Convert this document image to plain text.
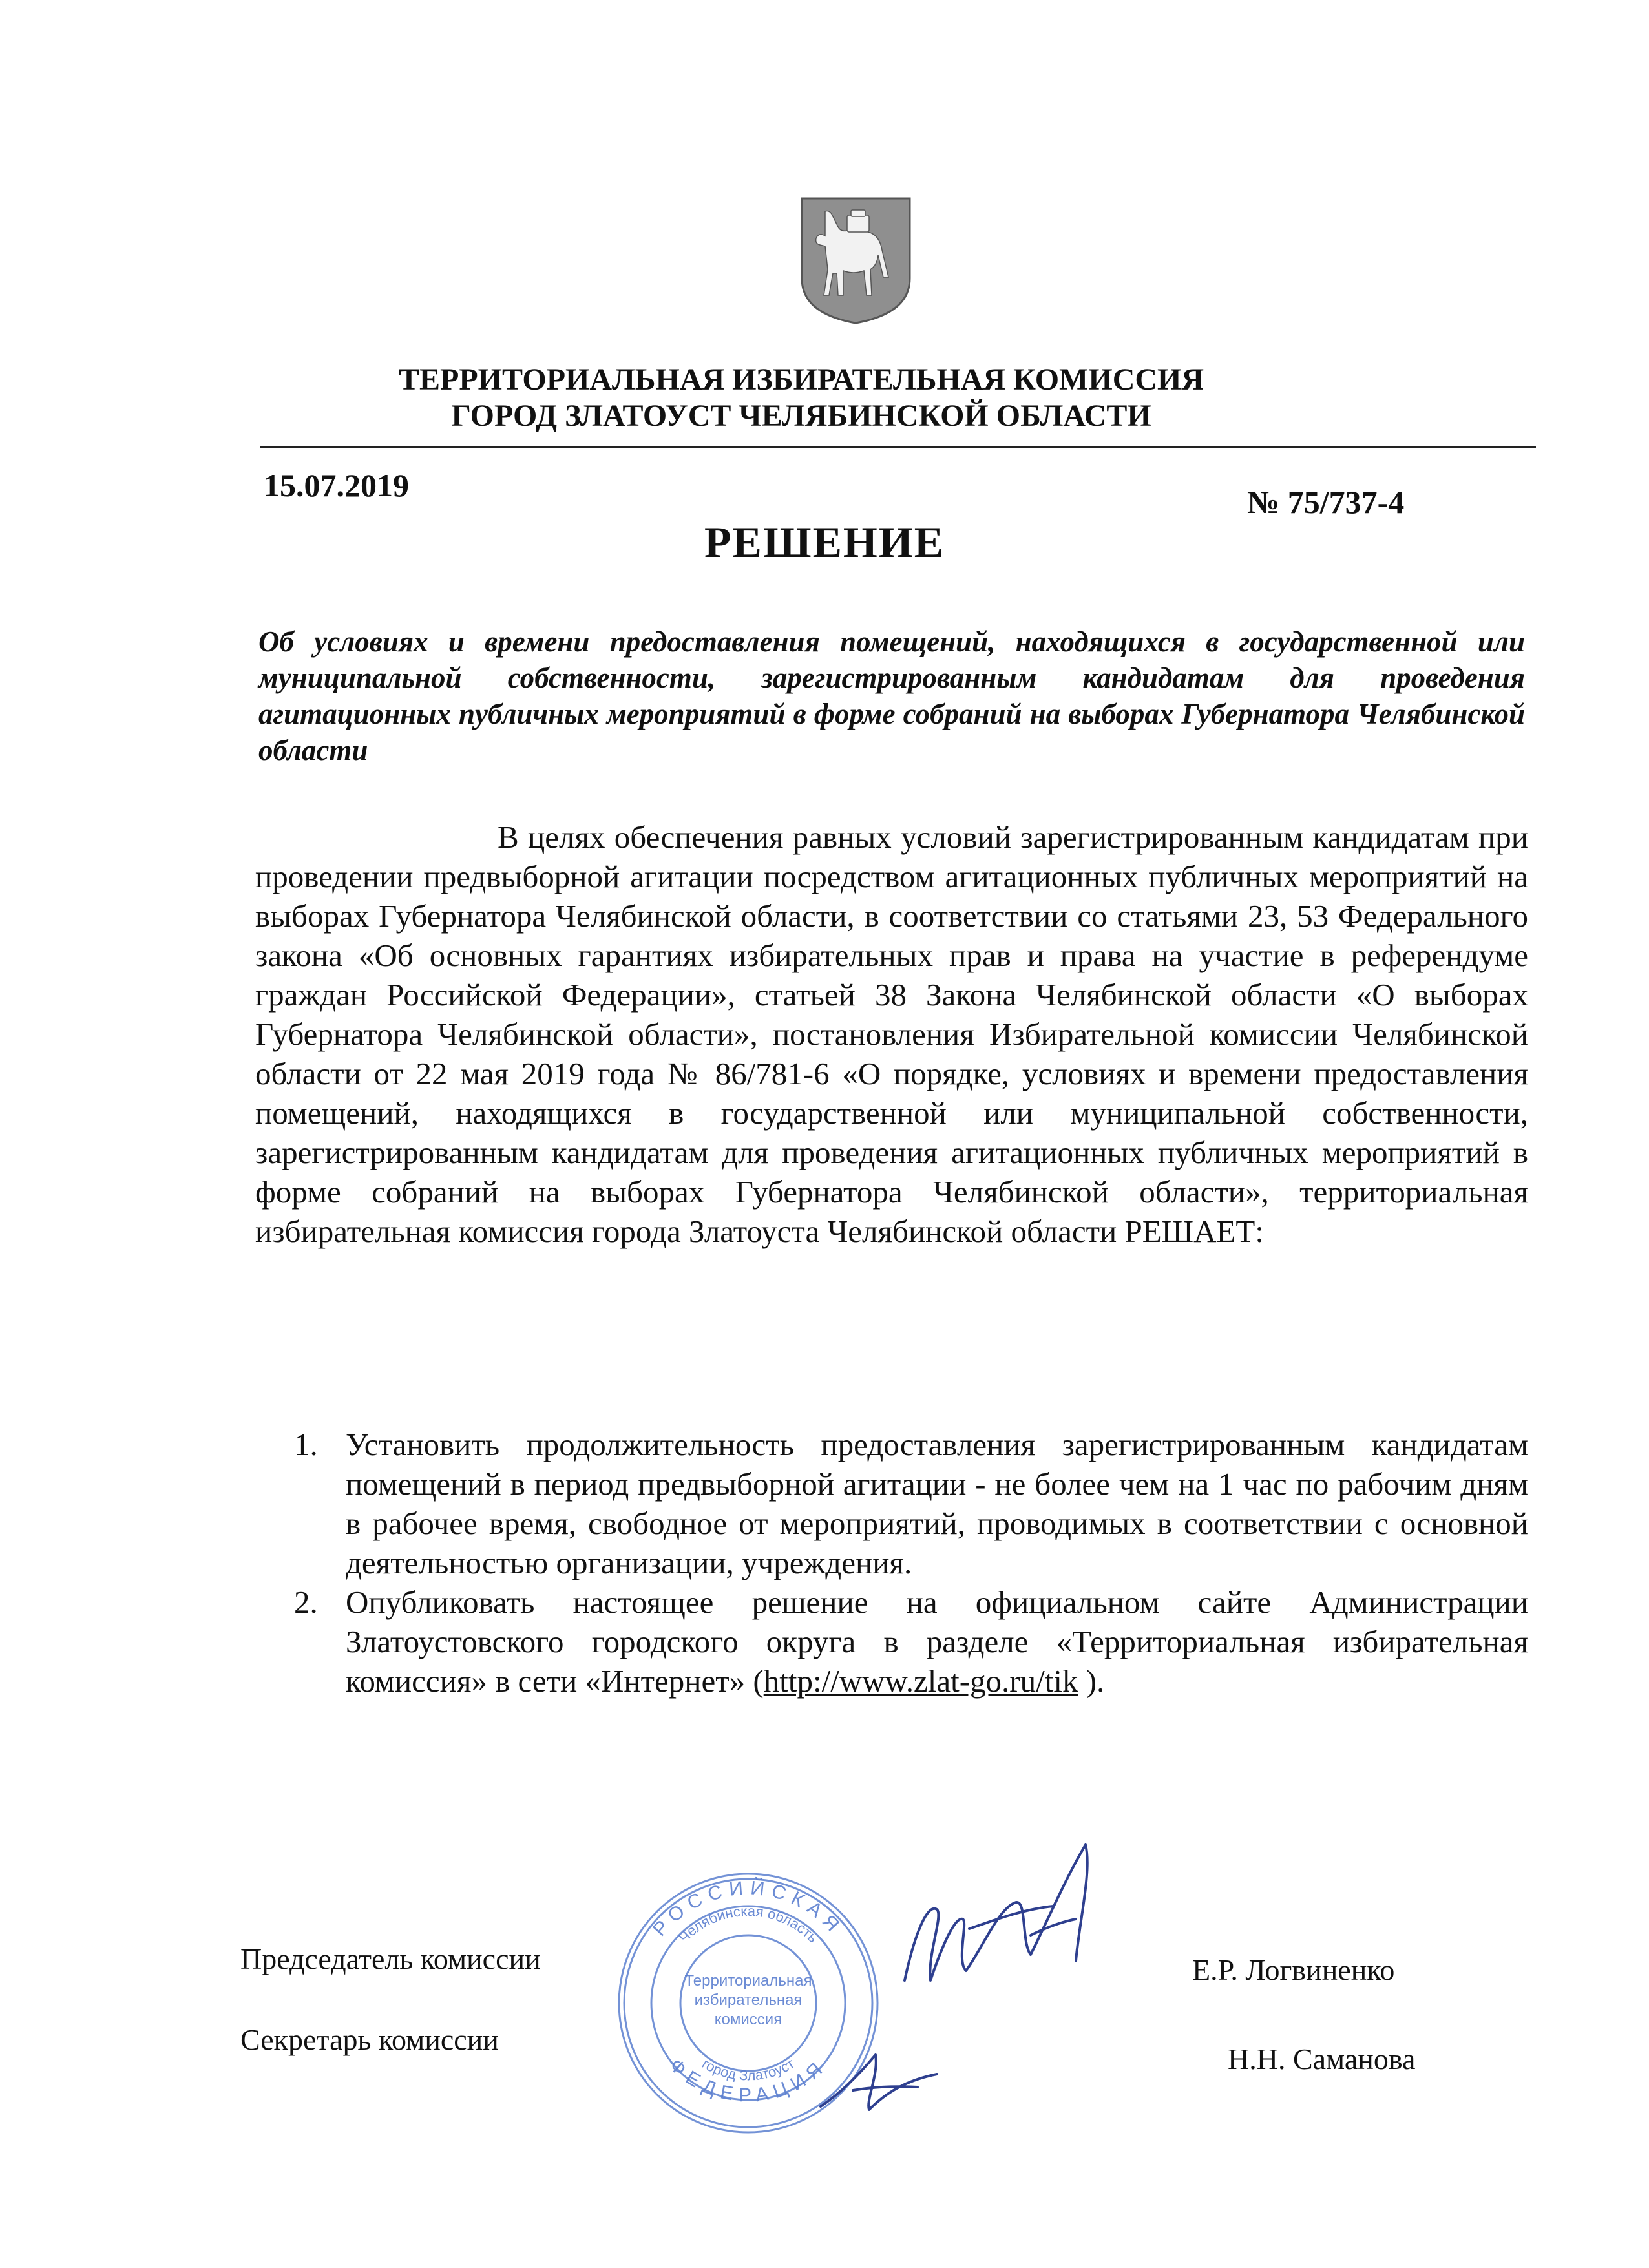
ТЕРРИТОРИАЛЬНАЯ ИЗБИРАТЕЛЬНАЯ КОМИССИЯ
ГОРОД ЗЛАТОУСТ ЧЕЛЯБИНСКОЙ ОБЛАСТИ
15.07.2019	№ 75/737-4
РЕШЕНИЕ
Об условиях и времени предоставления помещений, находящихся в государственной или муниципальной собственности, зарегистрированным кандидатам для проведения агитационных публичных мероприятий в форме собраний на выборах Губернатора Челябинской области

В целях обеспечения равных условий зарегистрированным кандидатам при проведении предвыборной агитации посредством агитационных публичных мероприятий на выборах Губернатора Челябинской области, в соответствии со статьями 23, 53 Федерального закона «Об основных гарантиях избирательных прав и права на участие в референдуме граждан Российской Федерации», статьей 38 Закона Челябинской области «О выборах Губернатора Челябинской области», постановления Избирательной комиссии Челябинской области от 22 мая 2019 года № 86/781-6 «О порядке, условиях и времени предоставления помещений, находящихся в государственной или муниципальной собственности, зарегистрированным кандидатам для проведения агитационных публичных мероприятий в форме собраний на выборах Губернатора Челябинской области», территориальная избирательная комиссия города Златоуста Челябинской области РЕШАЕТ:

1. Установить продолжительность предоставления зарегистрированным кандидатам помещений в период предвыборной агитации - не более чем на 1 час по рабочим дням в рабочее время, свободное от мероприятий, проводимых в соответствии с основной деятельностью организации, учреждения.
2. Опубликовать настоящее решение на официальном сайте Администрации Златоустовского городского округа в разделе «Территориальная избирательная комиссия» в сети «Интернет» (http://www.zlat-go.ru/tik ).
Председатель комиссии	Е.Р. Логвиненко
Секретарь комиссии
Н.Н. Саманова
РОССИЙСКАЯ
ФЕДЕРАЦИЯ
Челябинская область
город Златоуст
Территориальная
избирательная
комиссия
